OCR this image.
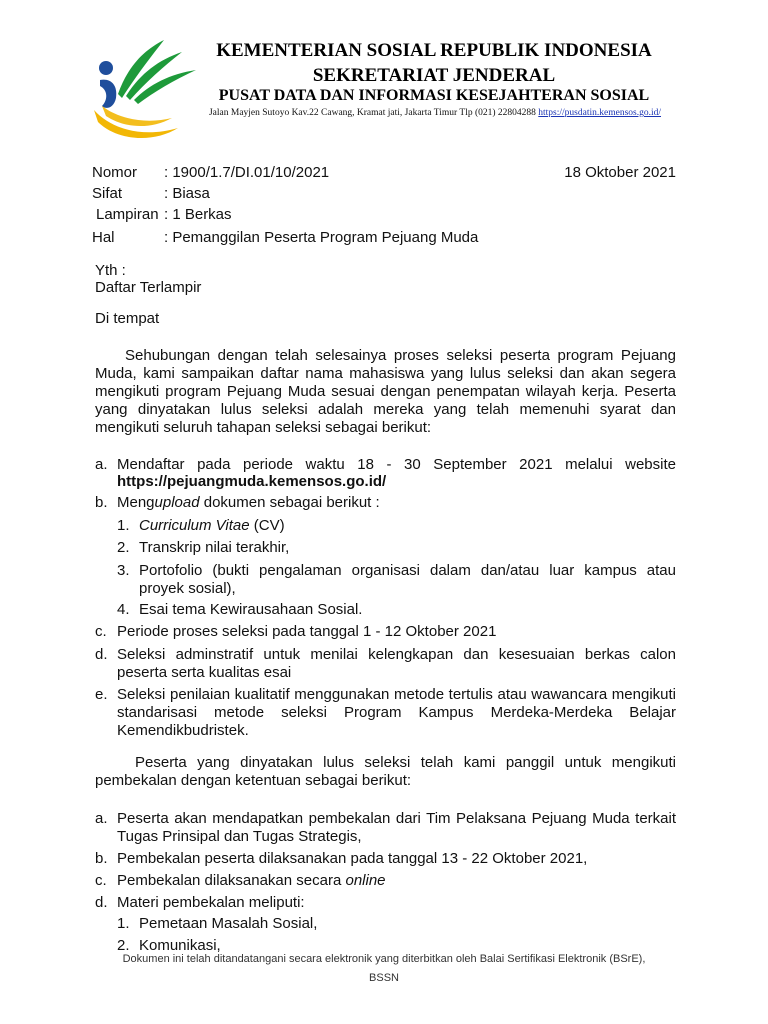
KEMENTERIAN SOSIAL REPUBLIK INDONESIA
SEKRETARIAT JENDERAL
PUSAT DATA DAN INFORMASI KESEJAHTERAN SOSIAL
Jalan Mayjen Sutoyo Kav.22 Cawang, Kramat jati, Jakarta Timur Tlp (021) 22804288 https://pusdatin.kemensos.go.id/
Nomor : 1900/1.7/DI.01/10/2021	18 Oktober 2021
Sifat	: Biasa
Lampiran : 1 Berkas
Hal	: Pemanggilan Peserta Program Pejuang Muda
Yth :
Daftar Terlampir
Di tempat
Sehubungan dengan telah selesainya proses seleksi peserta program Pejuang Muda, kami sampaikan daftar nama mahasiswa yang lulus seleksi dan akan segera mengikuti program Pejuang Muda sesuai dengan penempatan wilayah kerja. Peserta yang dinyatakan lulus seleksi adalah mereka yang telah memenuhi syarat dan mengikuti seluruh tahapan seleksi sebagai berikut:
a. Mendaftar pada periode waktu 18 - 30 September 2021 melalui website
https://pejuangmuda.kemensos.go.id/
b. Mengupload dokumen sebagai berikut :
1. Curriculum Vitae (CV)
2. Transkrip nilai terakhir,
3. Portofolio (bukti pengalaman organisasi dalam dan/atau luar kampus atau proyek sosial),
4. Esai tema Kewirausahaan Sosial.
c. Periode proses seleksi pada tanggal 1 - 12 Oktober 2021
d. Seleksi adminstratif untuk menilai kelengkapan dan kesesuaian berkas calon peserta serta kualitas esai
e. Seleksi penilaian kualitatif menggunakan metode tertulis atau wawancara mengikuti standarisasi metode seleksi Program Kampus Merdeka-Merdeka Belajar Kemendikbudristek.
Peserta yang dinyatakan lulus seleksi telah kami panggil untuk mengikuti pembekalan dengan ketentuan sebagai berikut:
a. Peserta akan mendapatkan pembekalan dari Tim Pelaksana Pejuang Muda terkait Tugas Prinsipal dan Tugas Strategis,
b. Pembekalan peserta dilaksanakan pada tanggal 13 - 22 Oktober 2021,
c. Pembekalan dilaksanakan secara online
d. Materi pembekalan meliputi:
1. Pemetaan Masalah Sosial,
2. Komunikasi,
Dokumen ini telah ditandatangani secara elektronik yang diterbitkan oleh Balai Sertifikasi Elektronik (BSrE),
BSSN
